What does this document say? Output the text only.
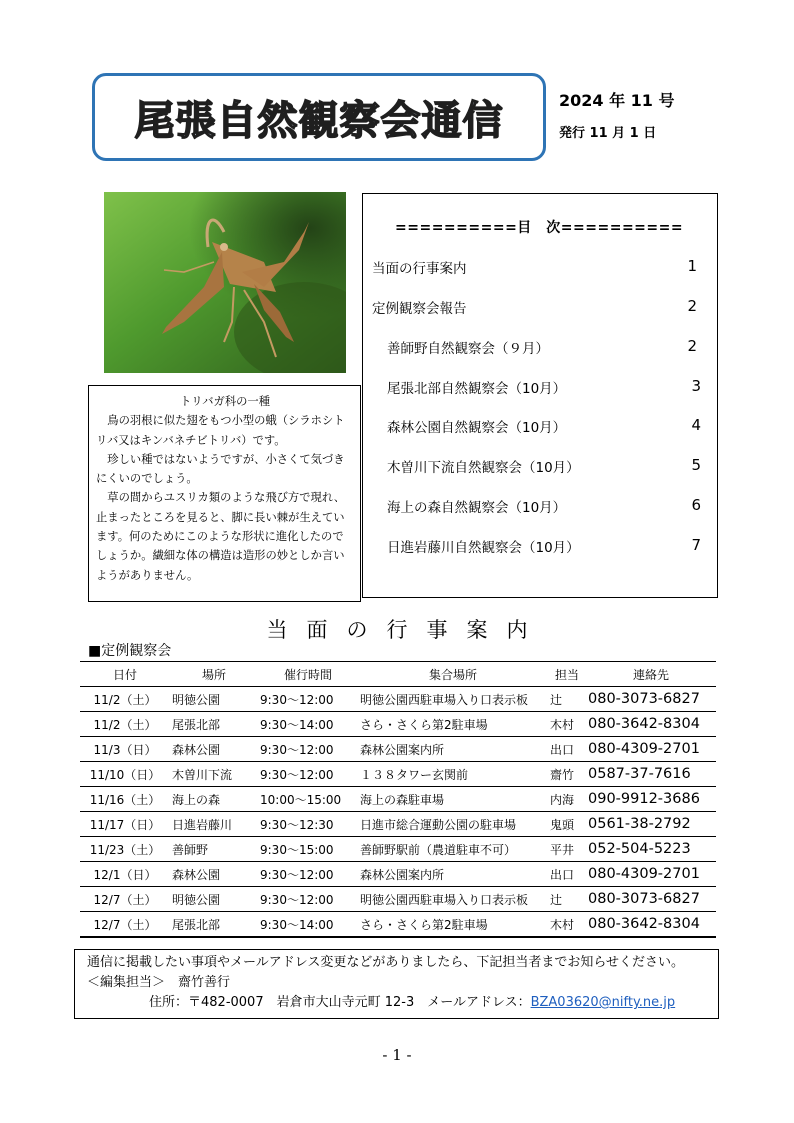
尾張自然観察会通信	2024 年 11 号
発行 11 月 1 日
トリバガ科の一種

鳥の羽根に似た翅をもつ小型の蛾（シラホシトリバ又はキンバネチビトリバ）です。

珍しい種ではないようですが、小さくて気づきにくいのでしょう。

草の間からユスリカ類のような飛び方で現れ、止まったところを見ると、脚に長い棘が生えています。何のためにこのような形状に進化したのでしょうか。繊細な体の構造は造形の妙としか言いようがありません。

==========目　次==========
当面の行事案内	1
定例観察会報告	2
善師野自然観察会（９月）	2
尾張北部自然観察会（10月）	3
森林公園自然観察会（10月）	4
木曽川下流自然観察会（10月）	5
海上の森自然観察会（10月）	6
日進岩藤川自然観察会（10月）	7
当面の行事案内
■定例観察会
日付	場所	催行時間	集合場所	担当	連絡先
11/2（土）	明徳公園	9:30～12:00	明徳公園西駐車場入り口表示板	辻	080-3073-6827
11/2（土）	尾張北部	9:30～14:00	さら・さくら第2駐車場	木村	080-3642-8304
11/3（日）	森林公園	9:30～12:00	森林公園案内所	出口	080-4309-2701
11/10（日）	木曽川下流	9:30～12:00	１３８タワー玄関前	齋竹	0587-37-7616
11/16（土）	海上の森	10:00～15:00	海上の森駐車場	内海	090-9912-3686
11/17（日）	日進岩藤川	9:30～12:30	日進市総合運動公園の駐車場	鬼頭	0561-38-2792
11/23（土）	善師野	9:30～15:00	善師野駅前（農道駐車不可）	平井	052-504-5223
12/1（日）	森林公園	9:30～12:00	森林公園案内所	出口	080-4309-2701
12/7（土）	明徳公園	9:30～12:00	明徳公園西駐車場入り口表示板	辻	080-3073-6827
12/7（土）	尾張北部	9:30～14:00	さら・さくら第2駐車場	木村	080-3642-8304
通信に掲載したい事項やメールアドレス変更などがありましたら、下記担当者までお知らせください。

＜編集担当＞　齋竹善行
住所：〒482-0007　岩倉市大山寺元町 12-3　メールアドレス：BZA03620@nifty.ne.jp
- 1 -
